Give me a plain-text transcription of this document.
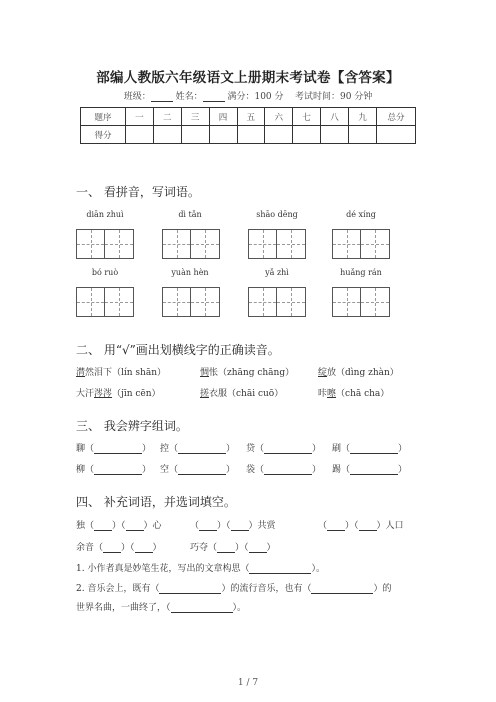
部编人教版六年级语文上册期末考试卷【含答案】
班级：	姓名：	满分：100 分 考试时间：90 分钟
题序	一	二	三	四	五	六	七	八	九	总分
得分										
一、 看拼音，写词语。
diān zhuì	dì tǎn	shāo dēng	dé xíng
bó ruò	yuàn hèn	yǎ zhì	huǎng rán
二、 用“√”画出划横线字的正确读音。
潸然泪下（lín shān）	惆怅（zhāng chāng）	绽放（dìng zhàn）
大汗涔涔（jīn cēn）	搓衣服（chāi cuō）	咔嚓（chā cha）
三、 我会辨字组词。
聊（	） 控（	） 贷（	） 刷（	）
柳（	） 空（	） 袋（	） 踢（	）
四、 补充词语，并选词填空。
独（ ）（ ）心	（ ）（ ）共赏	（ ）（ ）人口
余音（ ）（ ）	巧夺（ ）（ ）
1. 小作者真是妙笔生花，写出的文章构思（	）。
2. 音乐会上，既有（	）的流行音乐，也有（	）的
世界名曲，一曲终了，（	）。
1 / 7
